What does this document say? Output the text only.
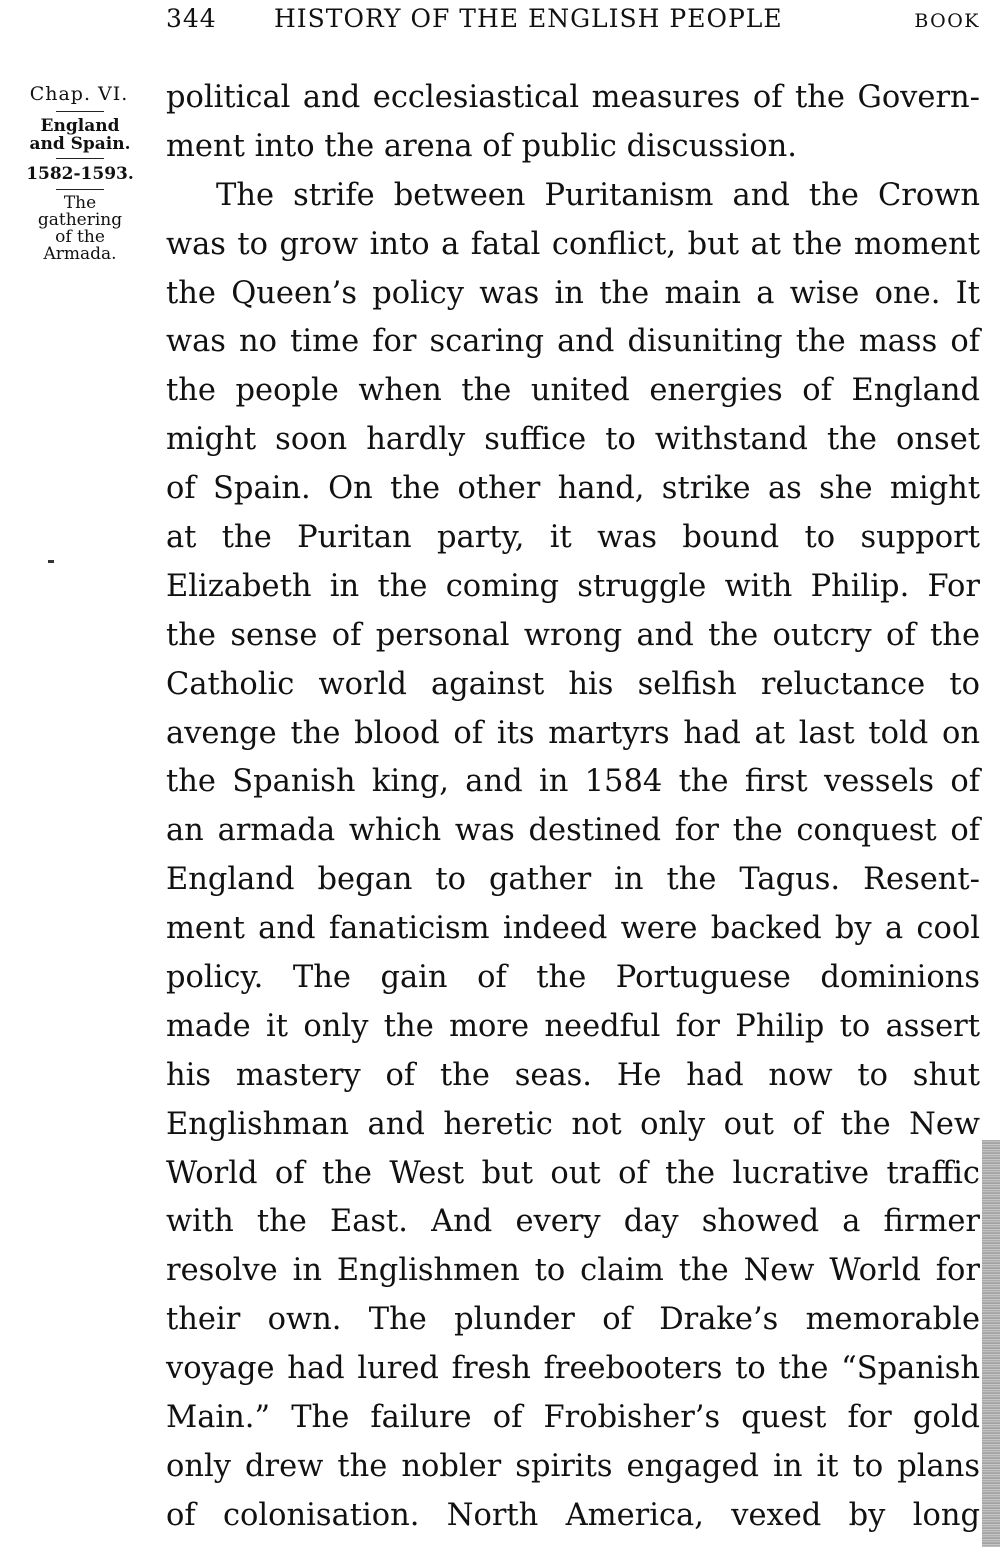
344 HISTORY OF THE ENGLISH PEOPLE	BOOK
Chap. VI.
England
and Spain.
1582-1593.
The
gathering
of the
Armada.
political and ecclesiastical measures of the Govern-
ment into the arena of public discussion.
The strife between Puritanism and the Crown
was to grow into a fatal conflict, but at the moment
the Queen’s policy was in the main a wise one. It
was no time for scaring and disuniting the mass of
the people when the united energies of England
might soon hardly suffice to withstand the onset
of Spain. On the other hand, strike as she might
at the Puritan party, it was bound to support
Elizabeth in the coming struggle with Philip. For
the sense of personal wrong and the outcry of the
Catholic world against his selfish reluctance to
avenge the blood of its martyrs had at last told on
the Spanish king, and in 1584 the first vessels of
an armada which was destined for the conquest of
England began to gather in the Tagus. Resent-
ment and fanaticism indeed were backed by a cool
policy. The gain of the Portuguese dominions
made it only the more needful for Philip to assert
his mastery of the seas. He had now to shut
Englishman and heretic not only out of the New
World of the West but out of the lucrative traffic
with the East. And every day showed a firmer
resolve in Englishmen to claim the New World for
their own. The plunder of Drake’s memorable
voyage had lured fresh freebooters to the “Spanish
Main.” The failure of Frobisher’s quest for gold
only drew the nobler spirits engaged in it to plans
of colonisation. North America, vexed by long
